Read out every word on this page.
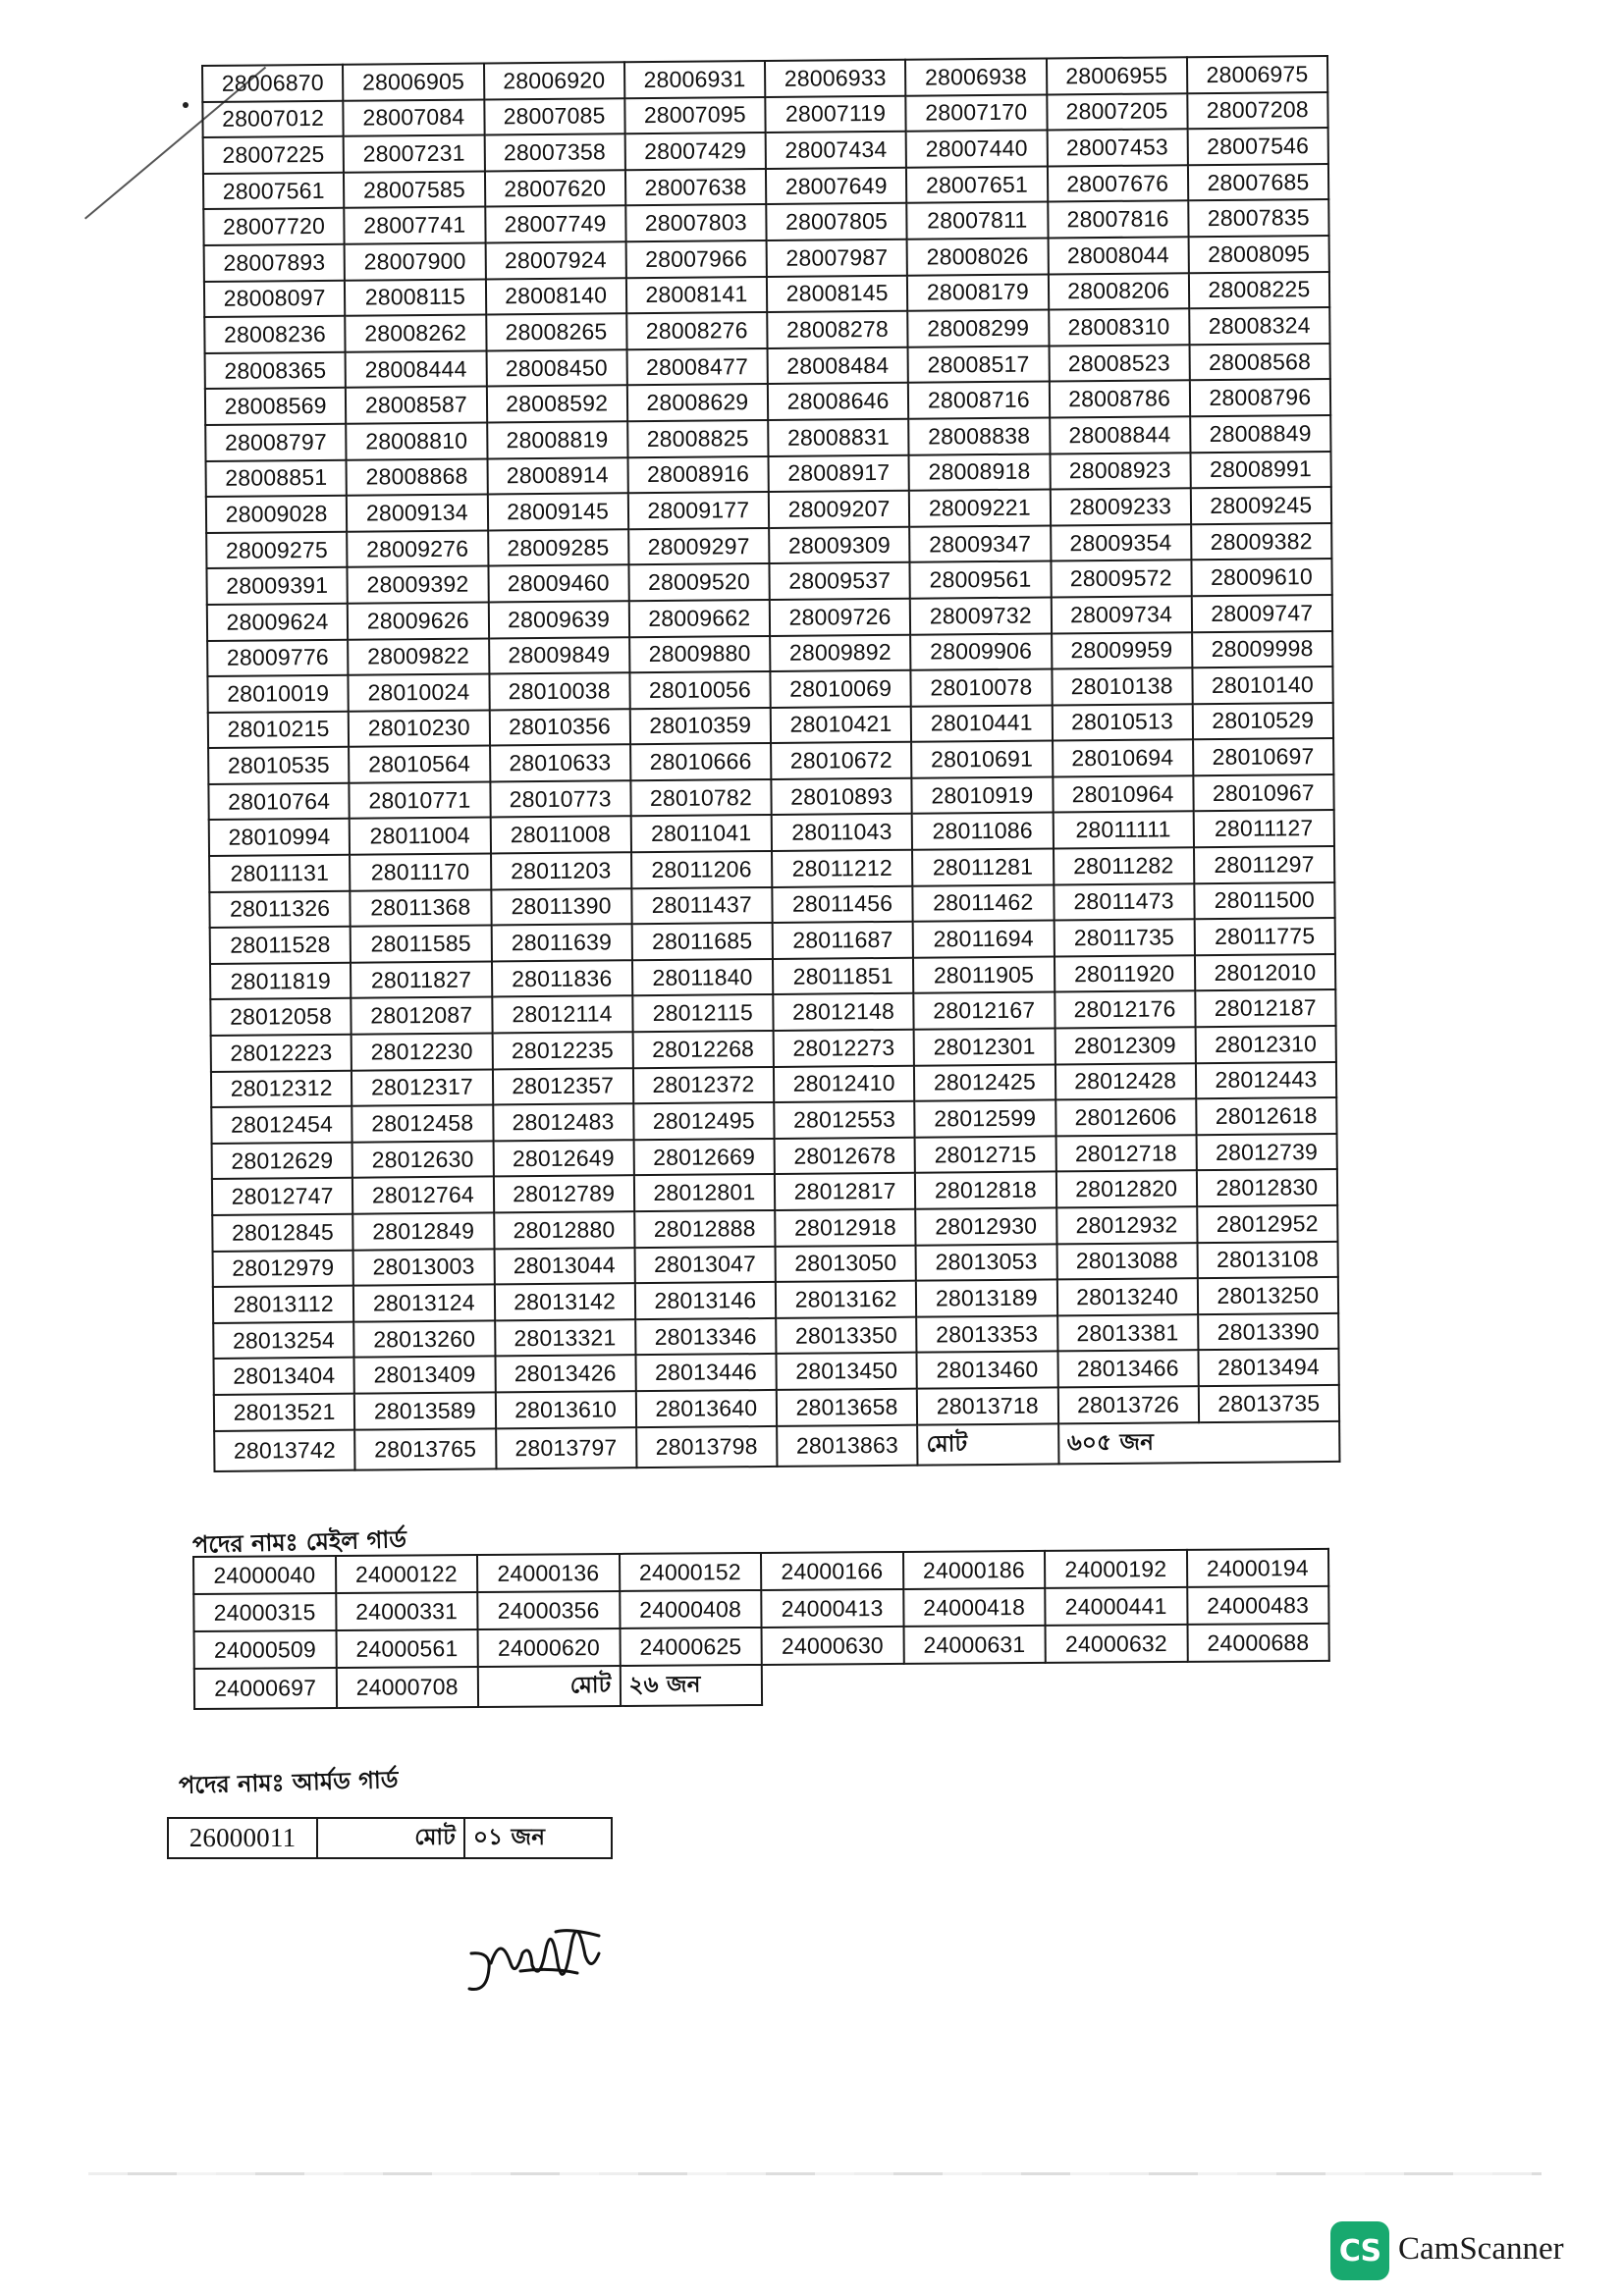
28006870	28006905	28006920	28006931	28006933	28006938	28006955	28006975
28007012	28007084	28007085	28007095	28007119	28007170	28007205	28007208
28007225	28007231	28007358	28007429	28007434	28007440	28007453	28007546
28007561	28007585	28007620	28007638	28007649	28007651	28007676	28007685
28007720	28007741	28007749	28007803	28007805	28007811	28007816	28007835
28007893	28007900	28007924	28007966	28007987	28008026	28008044	28008095
28008097	28008115	28008140	28008141	28008145	28008179	28008206	28008225
28008236	28008262	28008265	28008276	28008278	28008299	28008310	28008324
28008365	28008444	28008450	28008477	28008484	28008517	28008523	28008568
28008569	28008587	28008592	28008629	28008646	28008716	28008786	28008796
28008797	28008810	28008819	28008825	28008831	28008838	28008844	28008849
28008851	28008868	28008914	28008916	28008917	28008918	28008923	28008991
28009028	28009134	28009145	28009177	28009207	28009221	28009233	28009245
28009275	28009276	28009285	28009297	28009309	28009347	28009354	28009382
28009391	28009392	28009460	28009520	28009537	28009561	28009572	28009610
28009624	28009626	28009639	28009662	28009726	28009732	28009734	28009747
28009776	28009822	28009849	28009880	28009892	28009906	28009959	28009998
28010019	28010024	28010038	28010056	28010069	28010078	28010138	28010140
28010215	28010230	28010356	28010359	28010421	28010441	28010513	28010529
28010535	28010564	28010633	28010666	28010672	28010691	28010694	28010697
28010764	28010771	28010773	28010782	28010893	28010919	28010964	28010967
28010994	28011004	28011008	28011041	28011043	28011086	28011111	28011127
28011131	28011170	28011203	28011206	28011212	28011281	28011282	28011297
28011326	28011368	28011390	28011437	28011456	28011462	28011473	28011500
28011528	28011585	28011639	28011685	28011687	28011694	28011735	28011775
28011819	28011827	28011836	28011840	28011851	28011905	28011920	28012010
28012058	28012087	28012114	28012115	28012148	28012167	28012176	28012187
28012223	28012230	28012235	28012268	28012273	28012301	28012309	28012310
28012312	28012317	28012357	28012372	28012410	28012425	28012428	28012443
28012454	28012458	28012483	28012495	28012553	28012599	28012606	28012618
28012629	28012630	28012649	28012669	28012678	28012715	28012718	28012739
28012747	28012764	28012789	28012801	28012817	28012818	28012820	28012830
28012845	28012849	28012880	28012888	28012918	28012930	28012932	28012952
28012979	28013003	28013044	28013047	28013050	28013053	28013088	28013108
28013112	28013124	28013142	28013146	28013162	28013189	28013240	28013250
28013254	28013260	28013321	28013346	28013350	28013353	28013381	28013390
28013404	28013409	28013426	28013446	28013450	28013460	28013466	28013494
28013521	28013589	28013610	28013640	28013658	28013718	28013726	28013735
28013742	28013765	28013797	28013798	28013863	মোট	৬০৫ জন	
পদের নামঃ মেইল গার্ড
24000040	24000122	24000136	24000152	24000166	24000186	24000192	24000194
24000315	24000331	24000356	24000408	24000413	24000418	24000441	24000483
24000509	24000561	24000620	24000625	24000630	24000631	24000632	24000688
24000697	24000708	মোট	২৬ জন				
পদের নামঃ আর্মড গার্ড
26000011	মোট	০১ জন
CS CamScanner
